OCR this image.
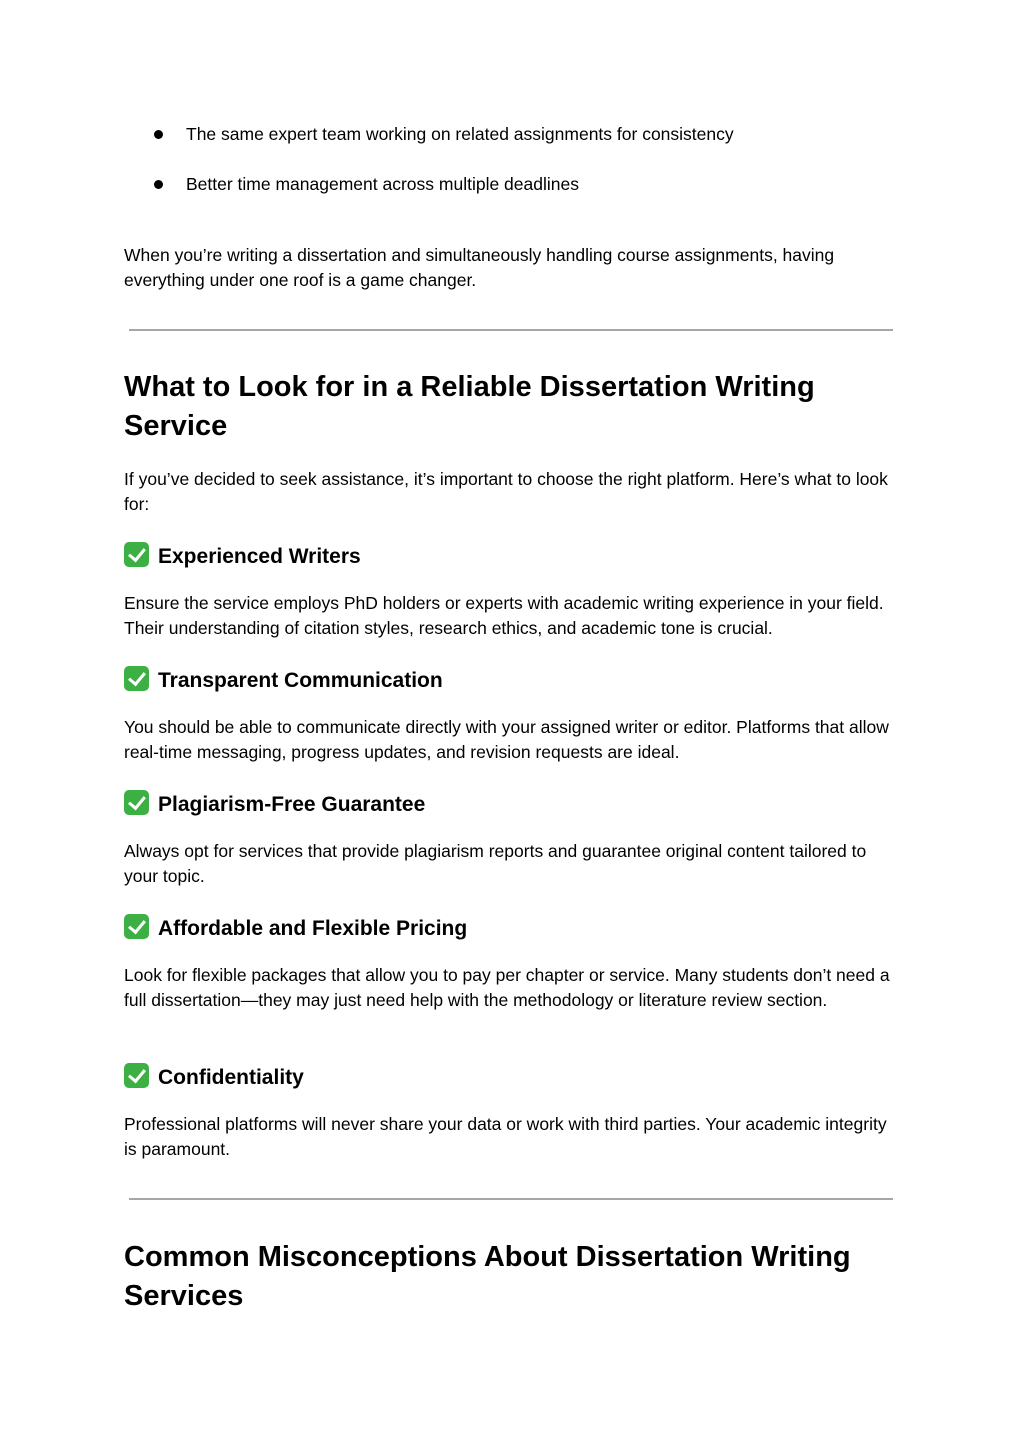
The same expert team working on related assignments for consistency
Better time management across multiple deadlines

When you’re writing a dissertation and simultaneously handling course assignments, having everything under one roof is a game changer.

What to Look for in a Reliable Dissertation Writing Service

If you’ve decided to seek assistance, it’s important to choose the right platform. Here’s what to look for:

Experienced Writers

Ensure the service employs PhD holders or experts with academic writing experience in your field. Their understanding of citation styles, research ethics, and academic tone is crucial.

Transparent Communication

You should be able to communicate directly with your assigned writer or editor. Platforms that allow real-time messaging, progress updates, and revision requests are ideal.

Plagiarism-Free Guarantee

Always opt for services that provide plagiarism reports and guarantee original content tailored to your topic.

Affordable and Flexible Pricing

Look for flexible packages that allow you to pay per chapter or service. Many students don’t need a full dissertation—they may just need help with the methodology or literature review section.

Confidentiality

Professional platforms will never share your data or work with third parties. Your academic integrity is paramount.

Common Misconceptions About Dissertation Writing Services
